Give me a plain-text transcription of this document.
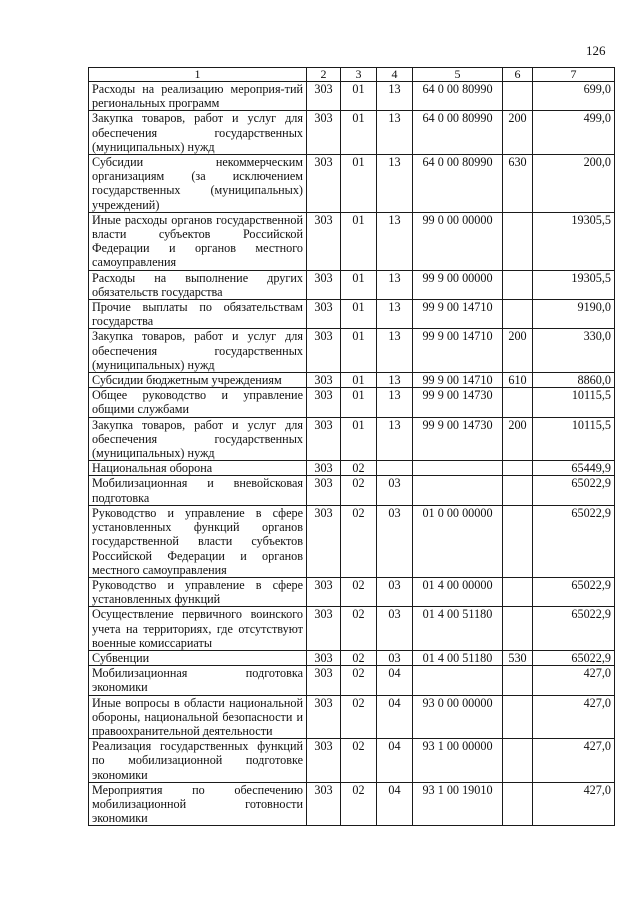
126
1	2	3	4	5	6	7
Расходы на реализацию мероприя-тий региональных программ	303	01	13	64 0 00 80990		699,0
Закупка товаров, работ и услуг для обеспечения государственных (муниципальных) нужд	303	01	13	64 0 00 80990	200	499,0
Субсидии некоммерческим организациям (за исключением государственных (муниципальных) учреждений)	303	01	13	64 0 00 80990	630	200,0
Иные расходы органов государственной власти субъектов Российской Федерации и органов местного самоуправления	303	01	13	99 0 00 00000		19305,5
Расходы на выполнение других обязательств государства	303	01	13	99 9 00 00000		19305,5
Прочие выплаты по обязательствам государства	303	01	13	99 9 00 14710		9190,0
Закупка товаров, работ и услуг для обеспечения государственных (муниципальных) нужд	303	01	13	99 9 00 14710	200	330,0
Субсидии бюджетным учреждениям	303	01	13	99 9 00 14710	610	8860,0
Общее руководство и управление общими службами	303	01	13	99 9 00 14730		10115,5
Закупка товаров, работ и услуг для обеспечения государственных (муниципальных) нужд	303	01	13	99 9 00 14730	200	10115,5
Национальная оборона	303	02				65449,9
Мобилизационная и вневойсковая подготовка	303	02	03			65022,9
Руководство и управление в сфере установленных функций органов государственной власти субъектов Российской Федерации и органов местного самоуправления	303	02	03	01 0 00 00000		65022,9
Руководство и управление в сфере установленных функций	303	02	03	01 4 00 00000		65022,9
Осуществление первичного воинского учета на территориях, где отсутствуют военные комиссариаты	303	02	03	01 4 00 51180		65022,9
Субвенции	303	02	03	01 4 00 51180	530	65022,9
Мобилизационная подготовка экономики	303	02	04			427,0
Иные вопросы в области национальной обороны, национальной безопасности и правоохранительной деятельности	303	02	04	93 0 00 00000		427,0
Реализация государственных функций по мобилизационной подготовке экономики	303	02	04	93 1 00 00000		427,0
Мероприятия по обеспечению мобилизационной готовности экономики	303	02	04	93 1 00 19010		427,0
